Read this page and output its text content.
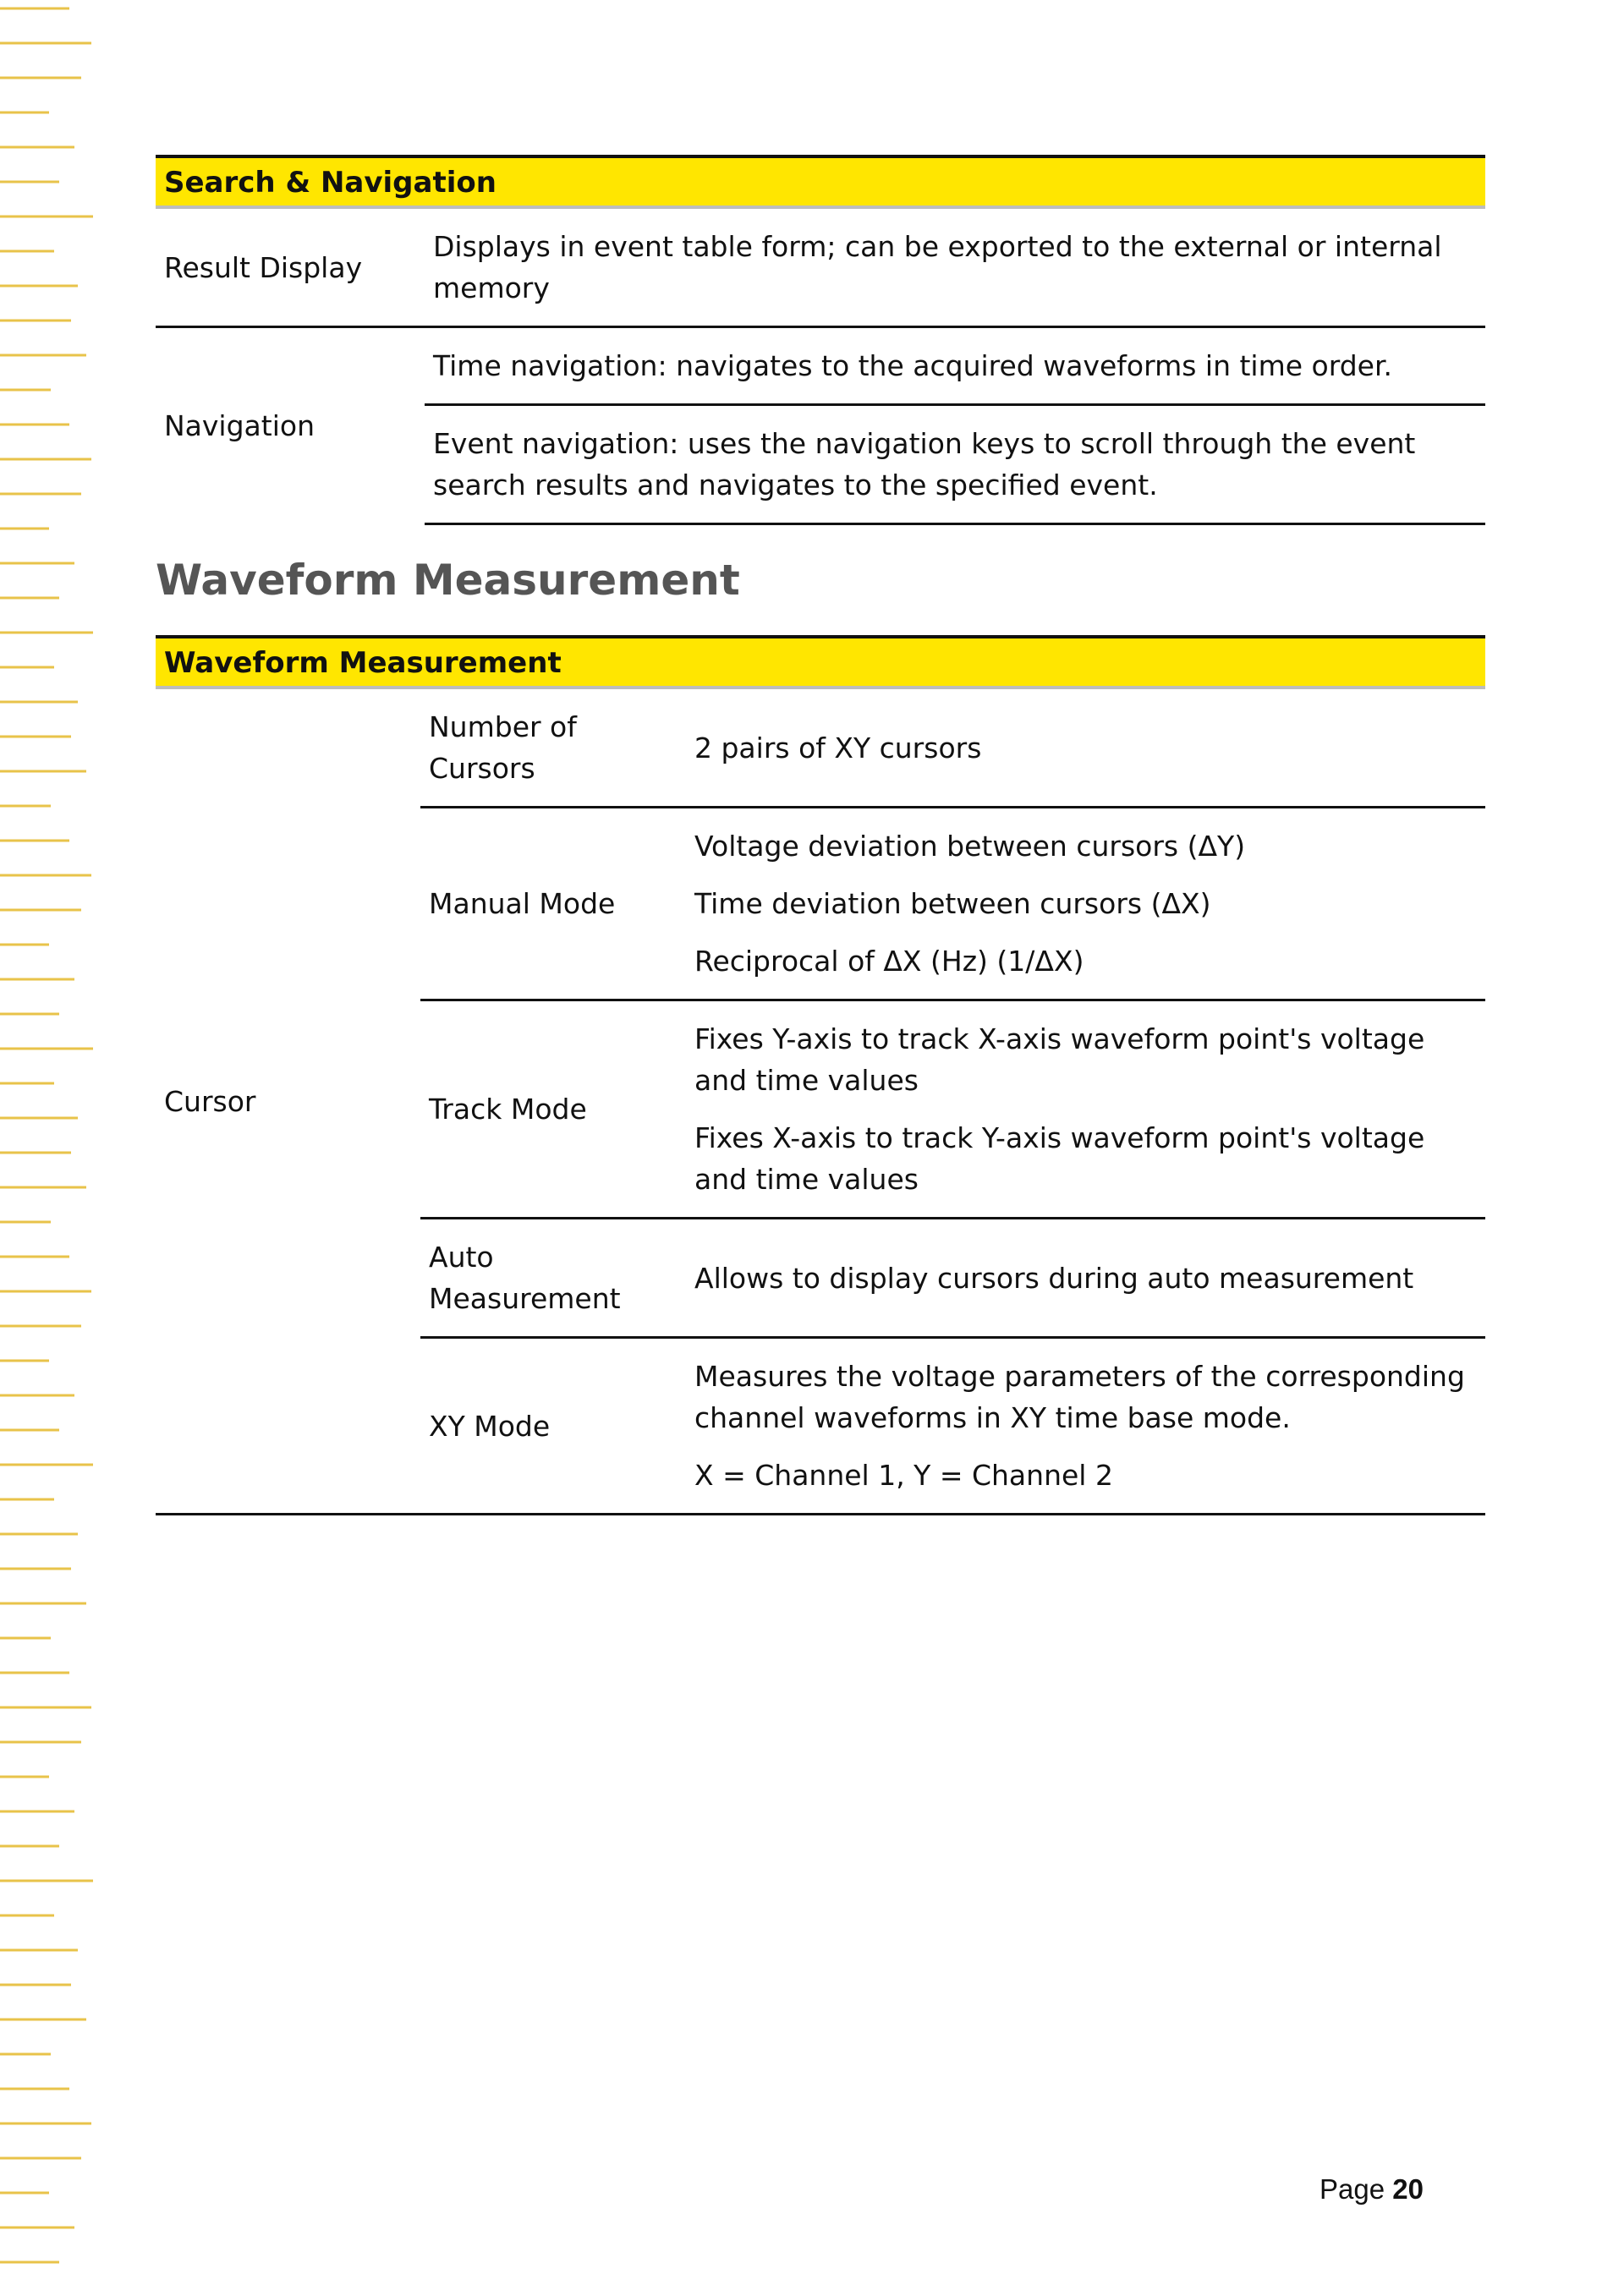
Search & Navigation	
Result Display	Displays in event table form; can be exported to the external or internal memory

Navigation	Time navigation: navigates to the acquired waveforms in time order.

	Event navigation: uses the navigation keys to scroll through the event search results and navigates to the specified event.

Waveform Measurement
Waveform Measurement		
Cursor	Number of Cursors	2 pairs of XY cursors

	Manual Mode	Voltage deviation between cursors (ΔY)

Time deviation between cursors (ΔX)

Reciprocal of ΔX (Hz) (1/ΔX)

	Track Mode	Fixes Y-axis to track X-axis waveform point's voltage and time values

Fixes X-axis to track Y-axis waveform point's voltage and time values

	Auto Measurement	Allows to display cursors during auto measurement

	XY Mode	Measures the voltage parameters of the corresponding channel waveforms in XY time base mode.

X = Channel 1, Y = Channel 2

Page 20
